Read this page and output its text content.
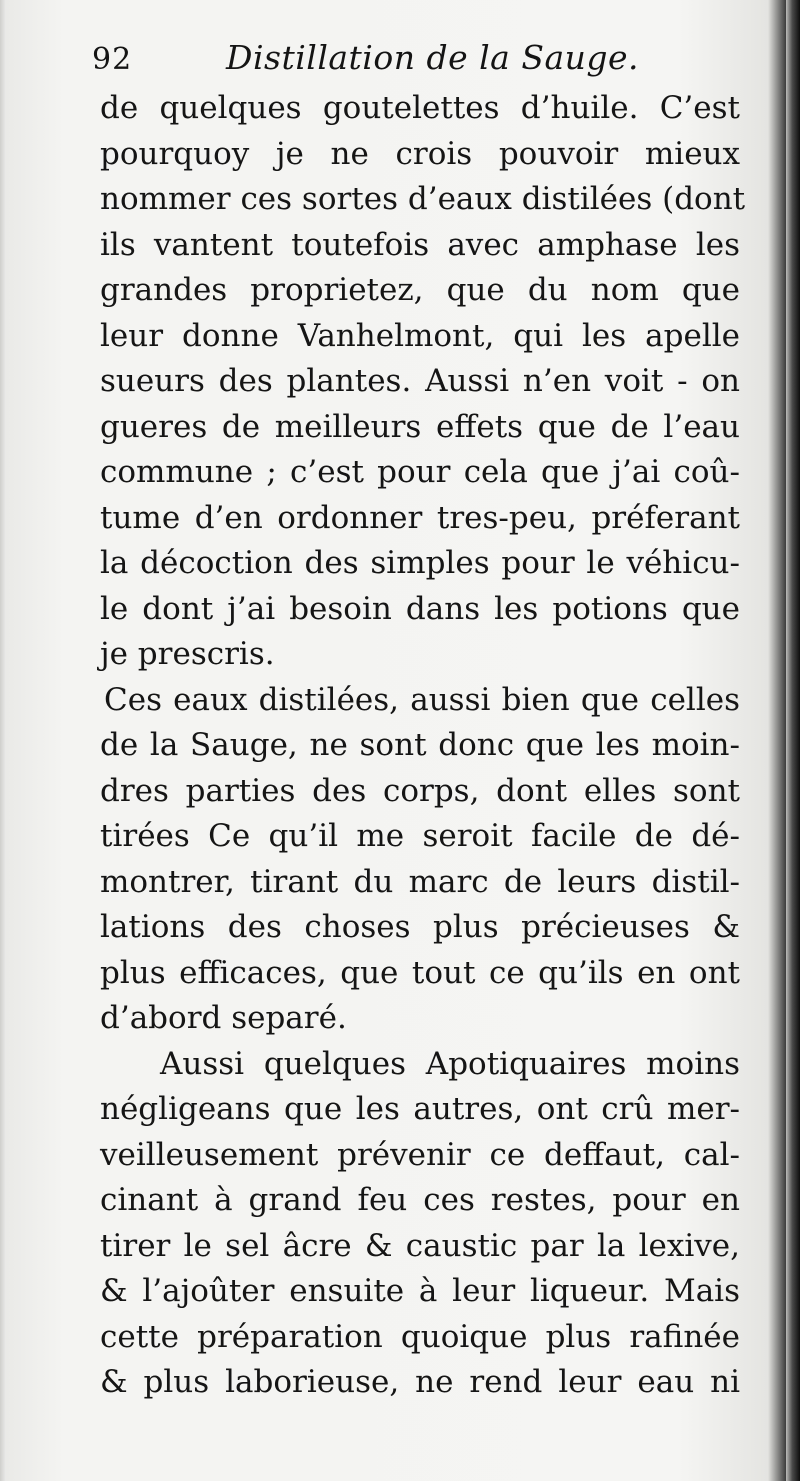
92	Distillation de la Sauge.
de quelques goutelettes d’huile. C’est
pourquoy je ne crois pouvoir mieux
nommer ces sortes d’eaux distilées (dont
ils vantent toutefois avec amphase les
grandes proprietez, que du nom que
leur donne Vanhelmont, qui les apelle
sueurs des plantes. Aussi n’en voit - on
gueres de meilleurs effets que de l’eau
commune ; c’est pour cela que j’ai coû-
tume d’en ordonner tres-peu, préferant
la décoction des simples pour le véhicu-
le dont j’ai besoin dans les potions que
je prescris.
Ces eaux distilées, aussi bien que celles
de la Sauge, ne sont donc que les moin-
dres parties des corps, dont elles sont
tirées Ce qu’il me seroit facile de dé-
montrer, tirant du marc de leurs distil-
lations des choses plus précieuses &
plus efficaces, que tout ce qu’ils en ont
d’abord separé.
Aussi quelques Apotiquaires moins
négligeans que les autres, ont crû mer-
veilleusement prévenir ce deffaut, cal-
cinant à grand feu ces restes, pour en
tirer le sel âcre & caustic par la lexive,
& l’ajoûter ensuite à leur liqueur. Mais
cette préparation quoique plus rafinée
& plus laborieuse, ne rend leur eau ni
